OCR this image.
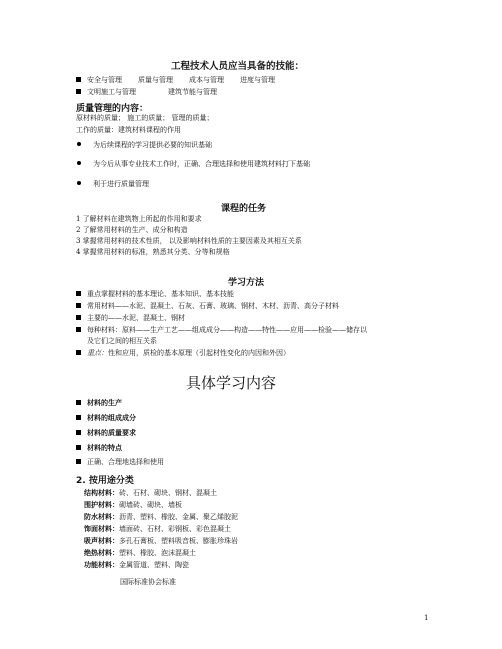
工程技术人员应当具备的技能：
安全与管理 质量与管理 成本与管理 进度与管理
文明施工与管理	建筑节能与管理
质量管理的内容：
原材料的质量； 施工的质量； 管理的质量；
工作的质量：建筑材料课程的作用
为后续课程的学习提供必要的知识基础
为今后从事专业技术工作时，正确、合理选择和使用建筑材料打下基础
利于进行质量管理
课程的任务
1 了解材料在建筑物上所起的作用和要求
2 了解常用材料的生产、成分和构造
3 掌握常用材料的技术性质， 以及影响材料性质的主要因素及其相互关系
4 掌握常用材料的标准，熟悉其分类、分等和规格
学习方法
重点掌握材料的基本理论、基本知识、基本技能
常用材料——水泥、混凝土、石灰、石膏、玻璃、钢材、木材、沥青、高分子材料
主要的——水泥、混凝土、钢材
每种材料：原料——生产工艺——组成成分——构造——特性——应用——检验——储存以
及它们之间的相互关系
重点：性和应用，质检的基本原理（引起材性变化的内因和外因）
具体学习内容
材料的生产
材料的组成成分
材料的质量要求
材料的特点
正确、合理地选择和使用
2. 按用途分类
结构材料：砖、石材、砌块、钢材、混凝土
围护材料：砌墙砖、砌块、墙板
防水材料：沥青、塑料、橡胶、金属、聚乙烯胶泥
饰面材料：墙面砖、石材、彩钢板、彩色混凝土
吸声材料：多孔石膏板、塑料吸音板、膨胀珍珠岩
绝热材料：塑料、橡胶、泡沫混凝土
功能材料：金属管道、塑料、陶瓷
国际标准协会标准
1
